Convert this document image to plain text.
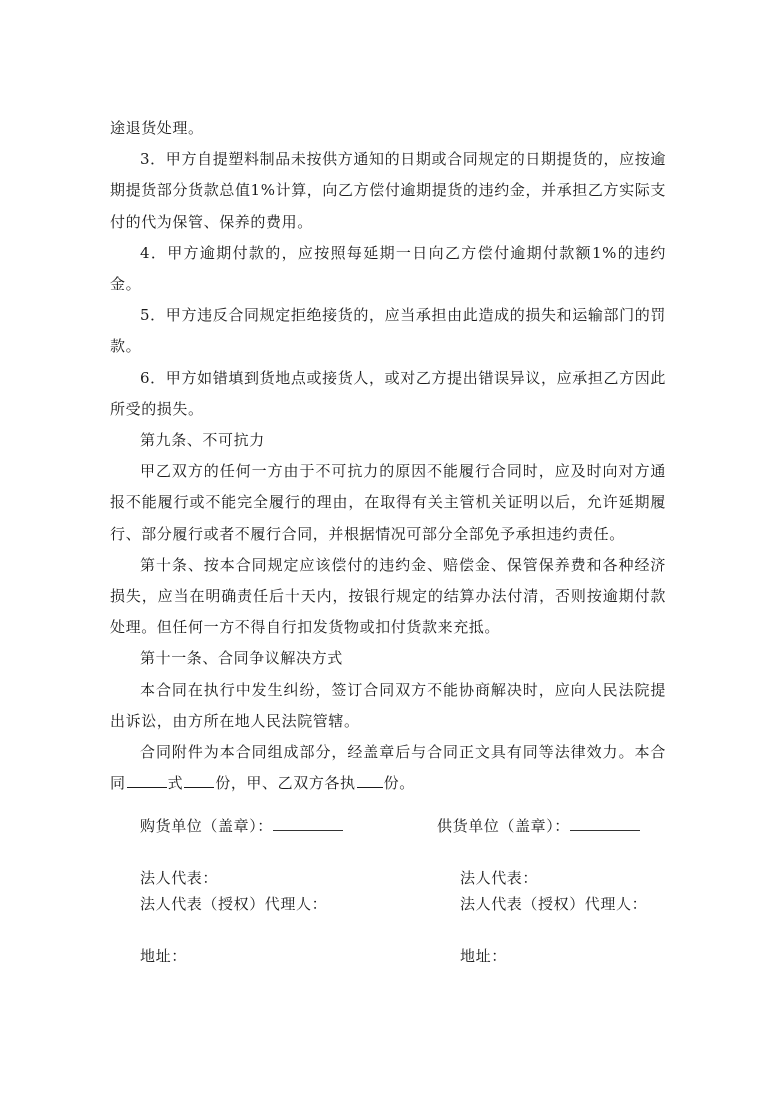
途退货处理。

3．甲方自提塑料制品未按供方通知的日期或合同规定的日期提货的，应按逾期提货部分货款总值1%计算，向乙方偿付逾期提货的违约金，并承担乙方实际支付的代为保管、保养的费用。

4．甲方逾期付款的，应按照每延期一日向乙方偿付逾期付款额1%的违约金。

5．甲方违反合同规定拒绝接货的，应当承担由此造成的损失和运输部门的罚款。

6．甲方如错填到货地点或接货人，或对乙方提出错误异议，应承担乙方因此所受的损失。

第九条、不可抗力

甲乙双方的任何一方由于不可抗力的原因不能履行合同时，应及时向对方通报不能履行或不能完全履行的理由，在取得有关主管机关证明以后，允许延期履行、部分履行或者不履行合同，并根据情况可部分全部免予承担违约责任。

第十条、按本合同规定应该偿付的违约金、赔偿金、保管保养费和各种经济损失，应当在明确责任后十天内，按银行规定的结算办法付清，否则按逾期付款处理。但任何一方不得自行扣发货物或扣付货款来充抵。

第十一条、合同争议解决方式

本合同在执行中发生纠纷，签订合同双方不能协商解决时，应向人民法院提出诉讼，由方所在地人民法院管辖。

合同附件为本合同组成部分，经盖章后与合同正文具有同等法律效力。本合同	式 份，甲、乙双方各执 份。

购货单位（盖章）：
法人代表：
法人代表（授权）代理人：
地址：
供货单位（盖章）：
法人代表：
法人代表（授权）代理人：
地址：
